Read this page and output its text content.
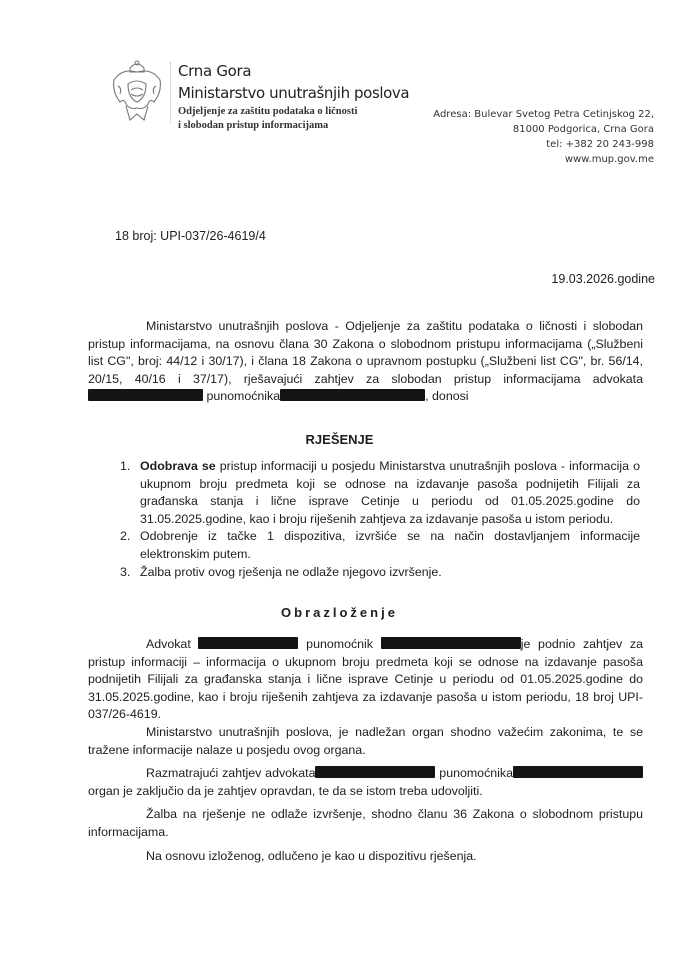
Crna Gora
Ministarstvo unutrašnjih poslova
Odjeljenje za zaštitu podataka o ličnosti
i slobodan pristup informacijama
Adresa: Bulevar Svetog Petra Cetinjskog 22,
81000 Podgorica, Crna Gora
tel: +382 20 243-998
www.mup.gov.me
18 broj: UPI-037/26-4619/4
19.03.2026.godine
Ministarstvo unutrašnjih poslova - Odjeljenje za zaštitu podataka o ličnosti i slobodan pristup informacijama, na osnovu člana 30 Zakona o slobodnom pristupu informacijama („Službeni list CG", broj: 44/12 i 30/17), i člana 18 Zakona o upravnom postupku („Službeni list CG", br. 56/14, 20/15, 40/16 i 37/17), rješavajući zahtjev za slobodan pristup informacijama advokata punomoćnika	, donosi
RJEŠENJE
1. Odobrava se pristup informaciji u posjedu Ministarstva unutrašnjih poslova - informacija o ukupnom broju predmeta koji se odnose na izdavanje pasoša podnijetih Filijali za građanska stanja i lične isprave Cetinje u periodu od 01.05.2025.godine do 31.05.2025.godine, kao i broju riješenih zahtjeva za izdavanje pasoša u istom periodu.
2. Odobrenje iz tačke 1 dispozitiva, izvršiće se na način dostavljanjem informacije elektronskim putem.
3. Žalba protiv ovog rješenja ne odlaže njegovo izvršenje.
Obrazloženje

Advokat	punomoćnik	je podnio zahtjev za pristup informaciji – informacija o ukupnom broju predmeta koji se odnose na izdavanje pasoša podnijetih Filijali za građanska stanja i lične isprave Cetinje u periodu od 01.05.2025.godine do 31.05.2025.godine, kao i broju riješenih zahtjeva za izdavanje pasoša u istom periodu, 18 broj UPI-037/26-4619.

Ministarstvo unutrašnjih poslova, je nadležan organ shodno važećim zakonima, te se tražene informacije nalaze u posjedu ovog organa.

Razmatrajući zahtjev advokata	punomoćnika organ je zaključio da je zahtjev opravdan, te da se istom treba udovoljiti.

Žalba na rješenje ne odlaže izvršenje, shodno članu 36 Zakona o slobodnom pristupu informacijama.

Na osnovu izloženog, odlučeno je kao u dispozitivu rješenja.
